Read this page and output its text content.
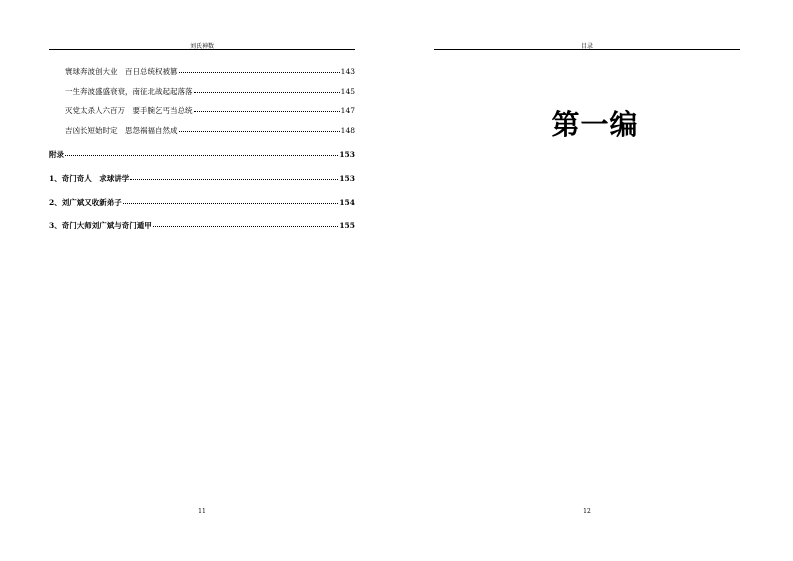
刘氏神数
寰球奔波创大业　百日总统权被篡	143
一生奔波盛盛衰衰，南征北战起起落落	145
灭党太杀人六百万　要手腕乞丐当总统	147
吉凶长短始时定　思怨祸福自然成	148
附录	153
1、奇门奇人　求球讲学	153
2、刘广斌又收新弟子	154
3、奇门大师刘广斌与奇门遁甲	155
11
目录
第一编
12
